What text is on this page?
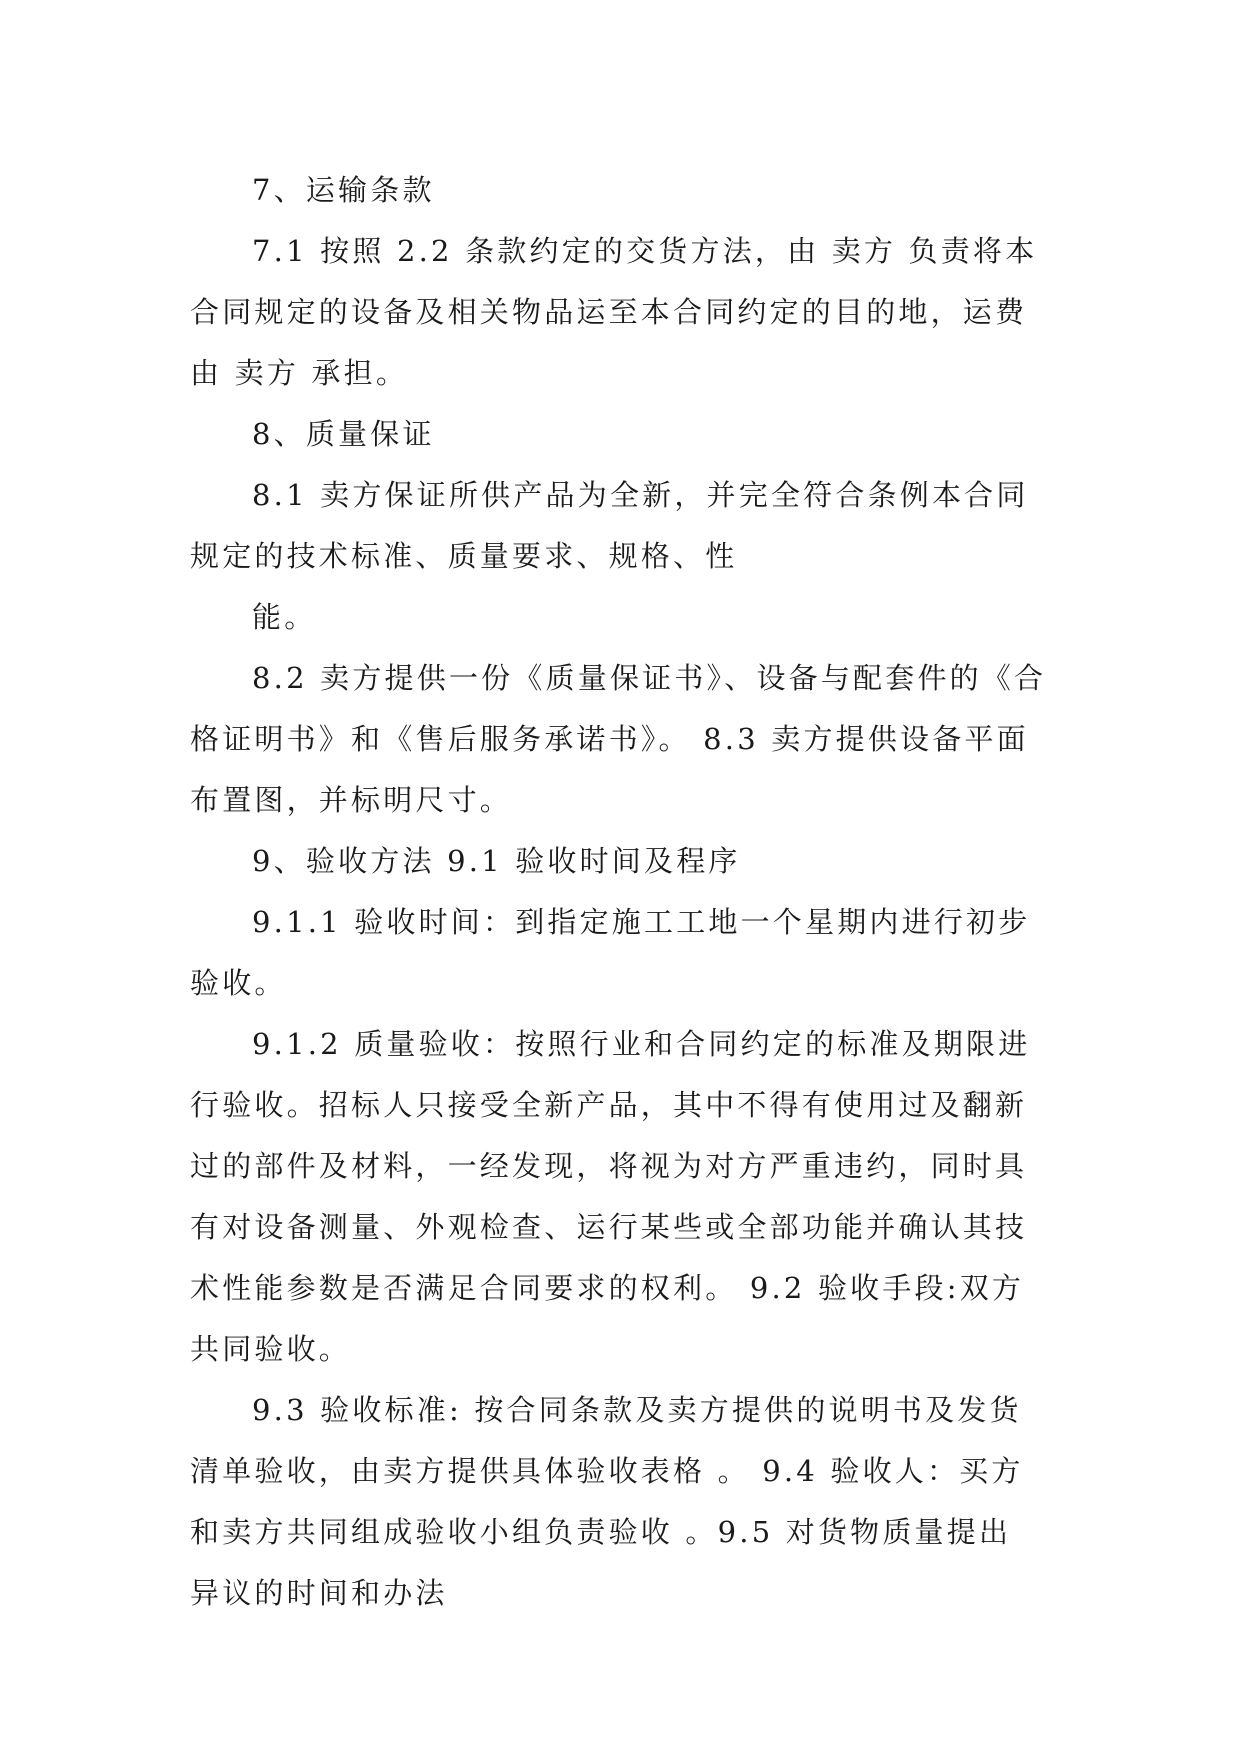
7、运输条款
7.1 按照 2.2 条款约定的交货方法，由 卖方 负责将本
合同规定的设备及相关物品运至本合同约定的目的地，运费
由 卖方 承担。
8、质量保证
8.1 卖方保证所供产品为全新，并完全符合条例本合同
规定的技术标准、质量要求、规格、性
能。
8.2 卖方提供一份《质量保证书》、设备与配套件的《合
格证明书》和《售后服务承诺书》。 8.3 卖方提供设备平面
布置图，并标明尺寸。
9、验收方法 9.1 验收时间及程序
9.1.1 验收时间：到指定施工工地一个星期内进行初步
验收。
9.1.2 质量验收：按照行业和合同约定的标准及期限进
行验收。招标人只接受全新产品，其中不得有使用过及翻新
过的部件及材料，一经发现，将视为对方严重违约，同时具
有对设备测量、外观检查、运行某些或全部功能并确认其技
术性能参数是否满足合同要求的权利。 9.2 验收手段:双方
共同验收。
9.3 验收标准: 按合同条款及卖方提供的说明书及发货
清单验收，由卖方提供具体验收表格 。 9.4 验收人：买方
和卖方共同组成验收小组负责验收 。9.5 对货物质量提出
异议的时间和办法
